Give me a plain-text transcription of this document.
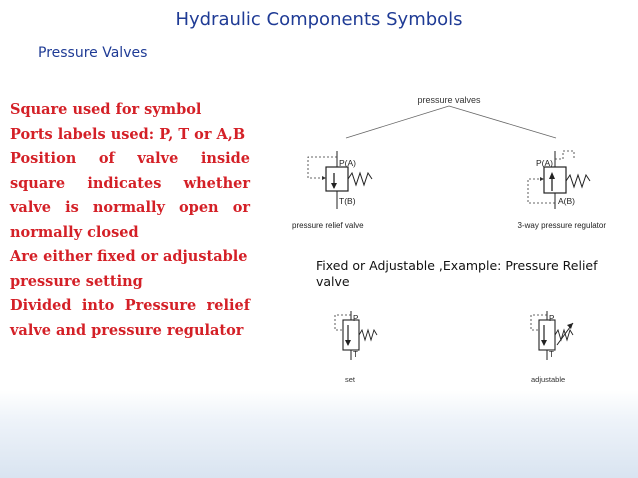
Hydraulic Components Symbols
Pressure Valves
Square used for symbol
Ports labels used: P, T or A,B
Position of valve inside
square indicates whether
valve is normally open or
normally closed
Are either fixed or adjustable
pressure setting
Divided into Pressure relief
valve and pressure regulator
pressure valves
P(A)
T(B)
pressure relief valve
P(A)
A(B)
3-way pressure regulator
Fixed or Adjustable ,Example: Pressure Relief valve
P
T
set
P
T
adjustable
